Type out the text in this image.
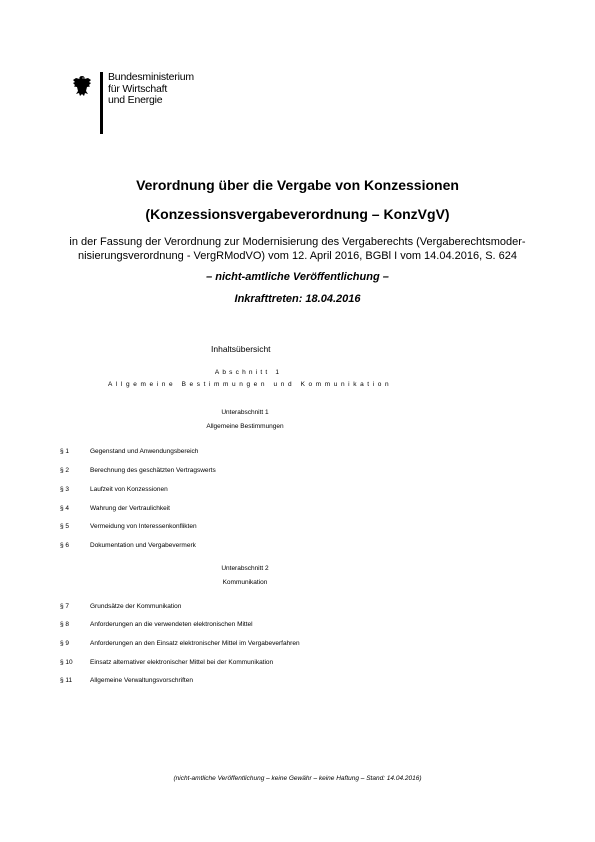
Bundesministerium
für Wirtschaft
und Energie
Verordnung über die Vergabe von Konzessionen
(Konzessionsvergabeverordnung – KonzVgV)
in der Fassung der Verordnung zur Modernisierung des Vergaberechts (Vergaberechtsmoder-
nisierungsverordnung - VergRModVO) vom 12. April 2016, BGBl I vom 14.04.2016, S. 624
– nicht-amtliche Veröffentlichung –
Inkrafttreten: 18.04.2016
Inhaltsübersicht
Abschnitt 1
Allgemeine Bestimmungen und Kommunikation
Unterabschnitt 1
Allgemeine Bestimmungen
§ 1	Gegenstand und Anwendungsbereich
§ 2	Berechnung des geschätzten Vertragswerts
§ 3	Laufzeit von Konzessionen
§ 4	Wahrung der Vertraulichkeit
§ 5	Vermeidung von Interessenkonflikten
§ 6	Dokumentation und Vergabevermerk
Unterabschnitt 2
Kommunikation
§ 7	Grundsätze der Kommunikation
§ 8	Anforderungen an die verwendeten elektronischen Mittel
§ 9	Anforderungen an den Einsatz elektronischer Mittel im Vergabeverfahren
§ 10	Einsatz alternativer elektronischer Mittel bei der Kommunikation
§ 11	Allgemeine Verwaltungsvorschriften
(nicht-amtliche Veröffentlichung – keine Gewähr – keine Haftung – Stand: 14.04.2016)
